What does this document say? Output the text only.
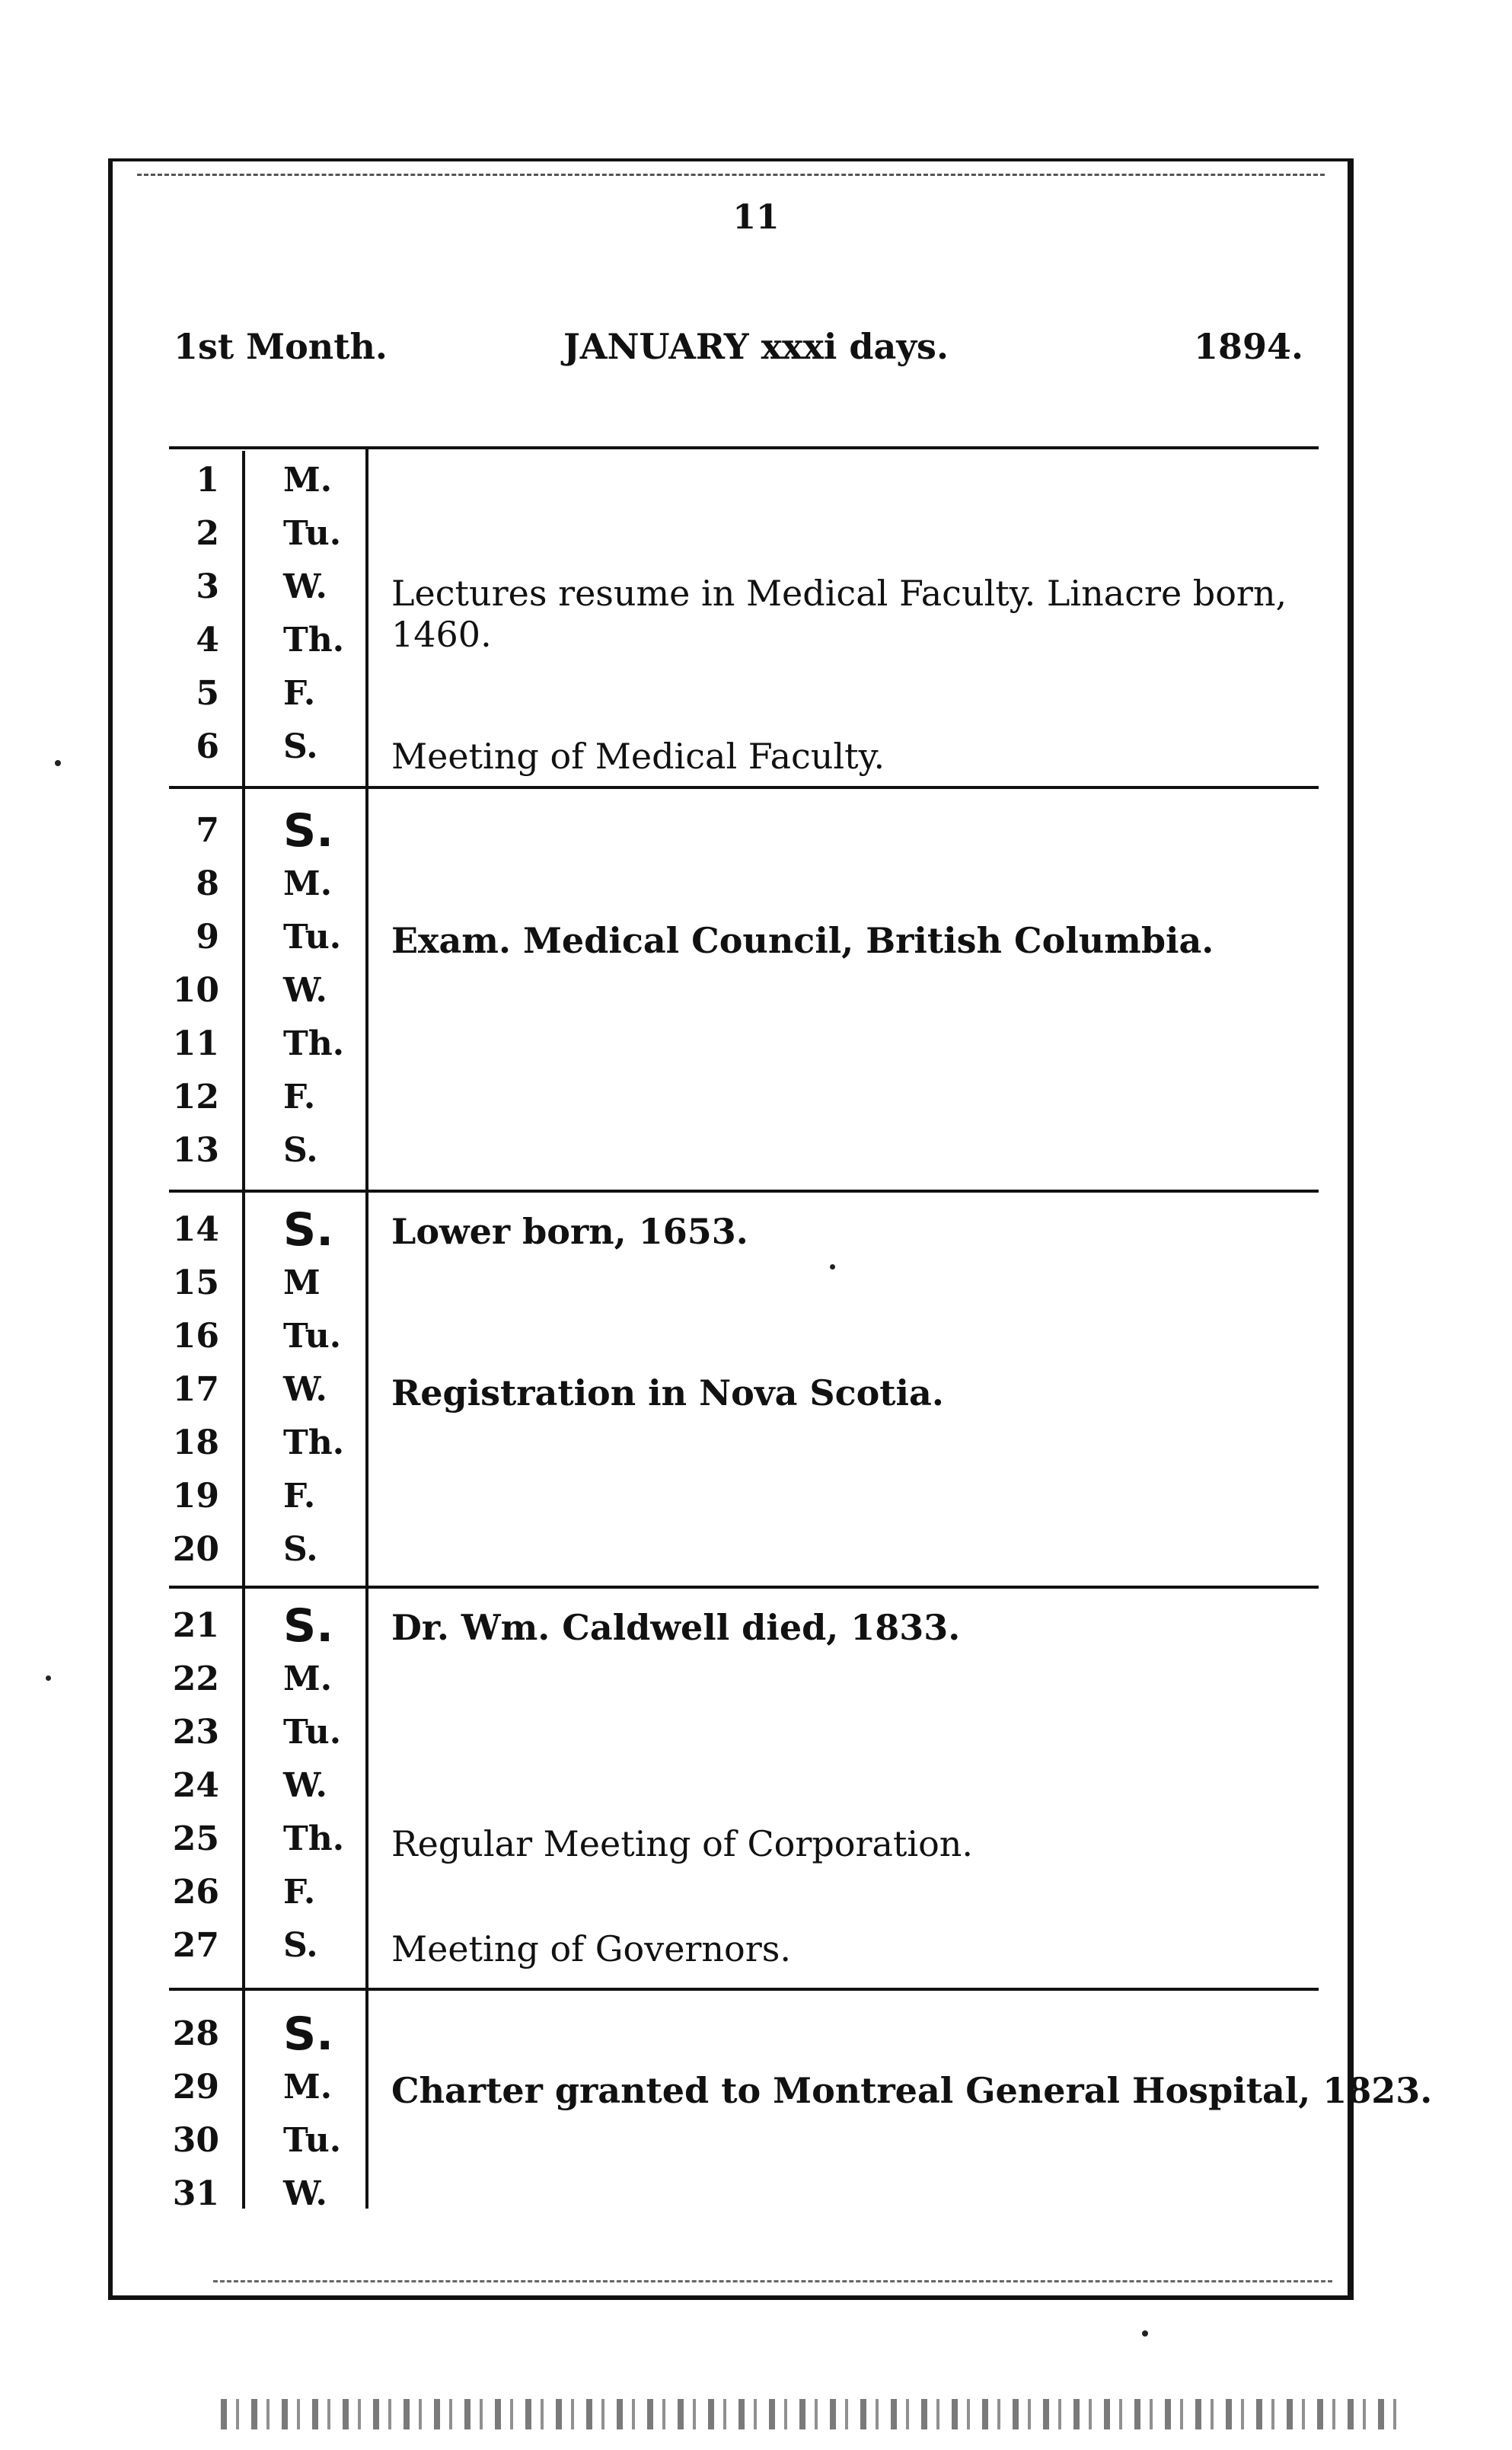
11
1st Month.	JANUARY xxxi days.	1894.
1 M.
2 Tu.
3 W.
4 Th.
5 F.
6 S.
Lectures resume in Medical Faculty. Linacre born, 1460.
Meeting of Medical Faculty.
7 S.
8 M.
9 Tu.
10 W.
11 Th.
12 F.
13 S.
Exam. Medical Council, British Columbia.
14 S.
15 M
16 Tu.
17 W.
18 Th.
19 F.
20 S.
Lower born, 1653.
Registration in Nova Scotia.
21 S.
22 M.
23 Tu.
24 W.
25 Th.
26 F.
27 S.
Dr. Wm. Caldwell died, 1833.
Regular Meeting of Corporation.
Meeting of Governors.
28 S.
29 M.
30 Tu.
31 W.
Charter granted to Montreal General Hospital, 1823.
